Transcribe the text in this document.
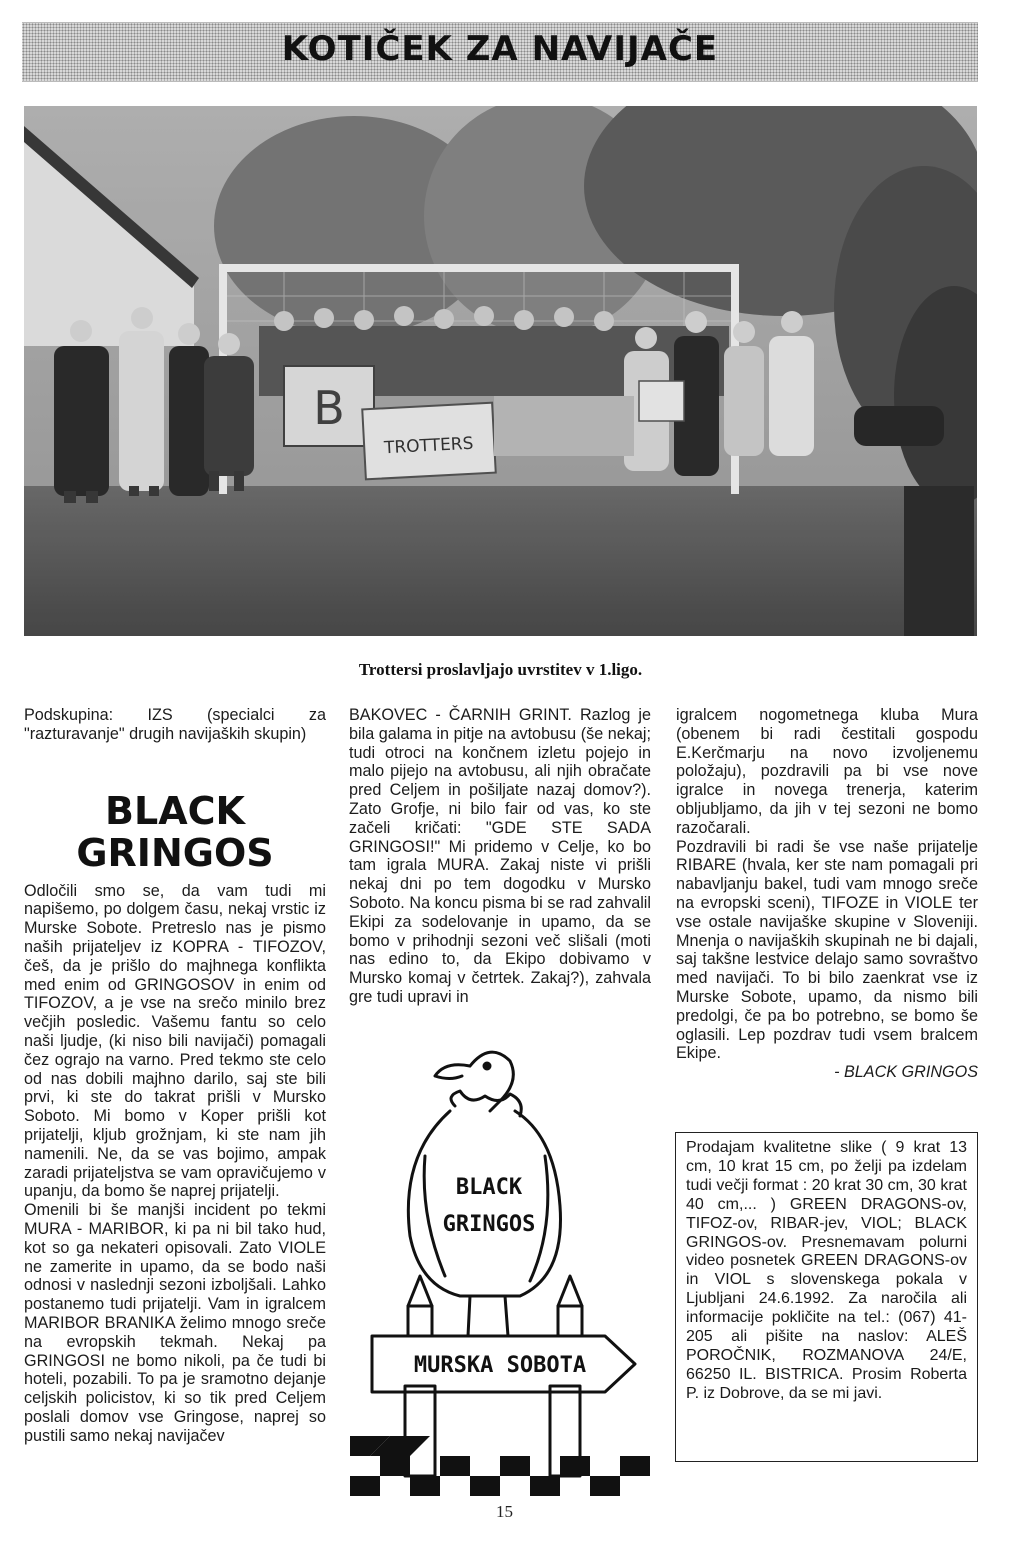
KOTIČEK ZA NAVIJAČE
B
TROTTERS
Trottersi proslavljajo uvrstitev v 1.ligo.

Podskupina: IZS (specialci za "razturavanje" drugih navijaških skupin)

BLACK
GRINGOS

Odločili smo se, da vam tudi mi napišemo, po dolgem času, nekaj vrstic iz Murske Sobote. Pretreslo nas je pismo naših prijateljev iz KOPRA - TIFOZOV, češ, da je prišlo do majhnega konflikta med enim od GRINGOSOV in enim od TIFOZOV, a je vse na srečo minilo brez večjih posledic. Vašemu fantu so celo naši ljudje, (ki niso bili navijači) pomagali čez ograjo na varno. Pred tekmo ste celo od nas dobili majhno darilo, saj ste bili prvi, ki ste do takrat prišli v Mursko Soboto. Mi bomo v Koper prišli kot prijatelji, kljub grožnjam, ki ste nam jih namenili. Ne, da se vas bojimo, ampak zaradi prijateljstva se vam opravičujemo v upanju, da bomo še naprej prijatelji.

Omenili bi še manjši incident po tekmi MURA - MARIBOR, ki pa ni bil tako hud, kot so ga nekateri opisovali. Zato VIOLE ne zamerite in upamo, da se bodo naši odnosi v naslednji sezoni izboljšali. Lahko postanemo tudi prijatelji. Vam in igralcem MARIBOR BRANIKA želimo mnogo sreče na evropskih tekmah. Nekaj pa GRINGOSI ne bomo nikoli, pa če tudi bi hoteli, pozabili. To pa je sramotno dejanje celjskih policistov, ki so tik pred Celjem poslali domov vse Gringose, naprej so pustili samo nekaj navijačev

BAKOVEC - ČARNIH GRINT. Razlog je bila galama in pitje na avtobusu (še nekaj; tudi otroci na končnem izletu pojejo in malo pijejo na avtobusu, ali njih obračate pred Celjem in pošiljate nazaj domov?). Zato Grofje, ni bilo fair od vas, ko ste začeli kričati: "GDE STE SADA GRINGOSI!" Mi pridemo v Celje, ko bo tam igrala MURA. Zakaj niste vi prišli nekaj dni po tem dogodku v Mursko Soboto. Na koncu pisma bi se rad zahvalil Ekipi za sodelovanje in upamo, da se bomo v prihodnji sezoni več slišali (moti nas edino to, da Ekipo dobivamo v Mursko komaj v četrtek. Zakaj?), zahvala gre tudi upravi in

igralcem nogometnega kluba Mura (obenem bi radi čestitali gospodu E.Kerčmarju na novo izvoljenemu položaju), pozdravili pa bi vse nove igralce in novega trenerja, katerim obljubljamo, da jih v tej sezoni ne bomo razočarali.

Pozdravili bi radi še vse naše prijatelje RIBARE (hvala, ker ste nam pomagali pri nabavljanju bakel, tudi vam mnogo sreče na evropski sceni), TIFOZE in VIOLE ter vse ostale navijaške skupine v Sloveniji. Mnenja o navijaških skupinah ne bi dajali, saj takšne lestvice delajo samo sovraštvo med navijači. To bi bilo zaenkrat vse iz Murske Sobote, upamo, da nismo bili predolgi, če pa bo potrebno, se bomo še oglasili. Lep pozdrav tudi vsem bralcem Ekipe.

- BLACK GRINGOS

BLACK
GRINGOS
MURSKA SOBOTA

Prodajam kvalitetne slike ( 9 krat 13 cm, 10 krat 15 cm, po želji pa izdelam tudi večji format : 20 krat 30 cm, 30 krat 40 cm,... ) GREEN DRAGONS-ov, TIFOZ-ov, RIBAR-jev, VIOL; BLACK GRINGOS-ov. Presnemavam polurni video posnetek GREEN DRAGONS-ov in VIOL s slovenskega pokala v Ljubljani 24.6.1992. Za naročila ali informacije pokličite na tel.: (067) 41-205 ali pišite na naslov: ALEŠ POROČNIK, ROZMANOVA 24/E, 66250 IL. BISTRICA. Prosim Roberta P. iz Dobrove, da se mi javi.

15
